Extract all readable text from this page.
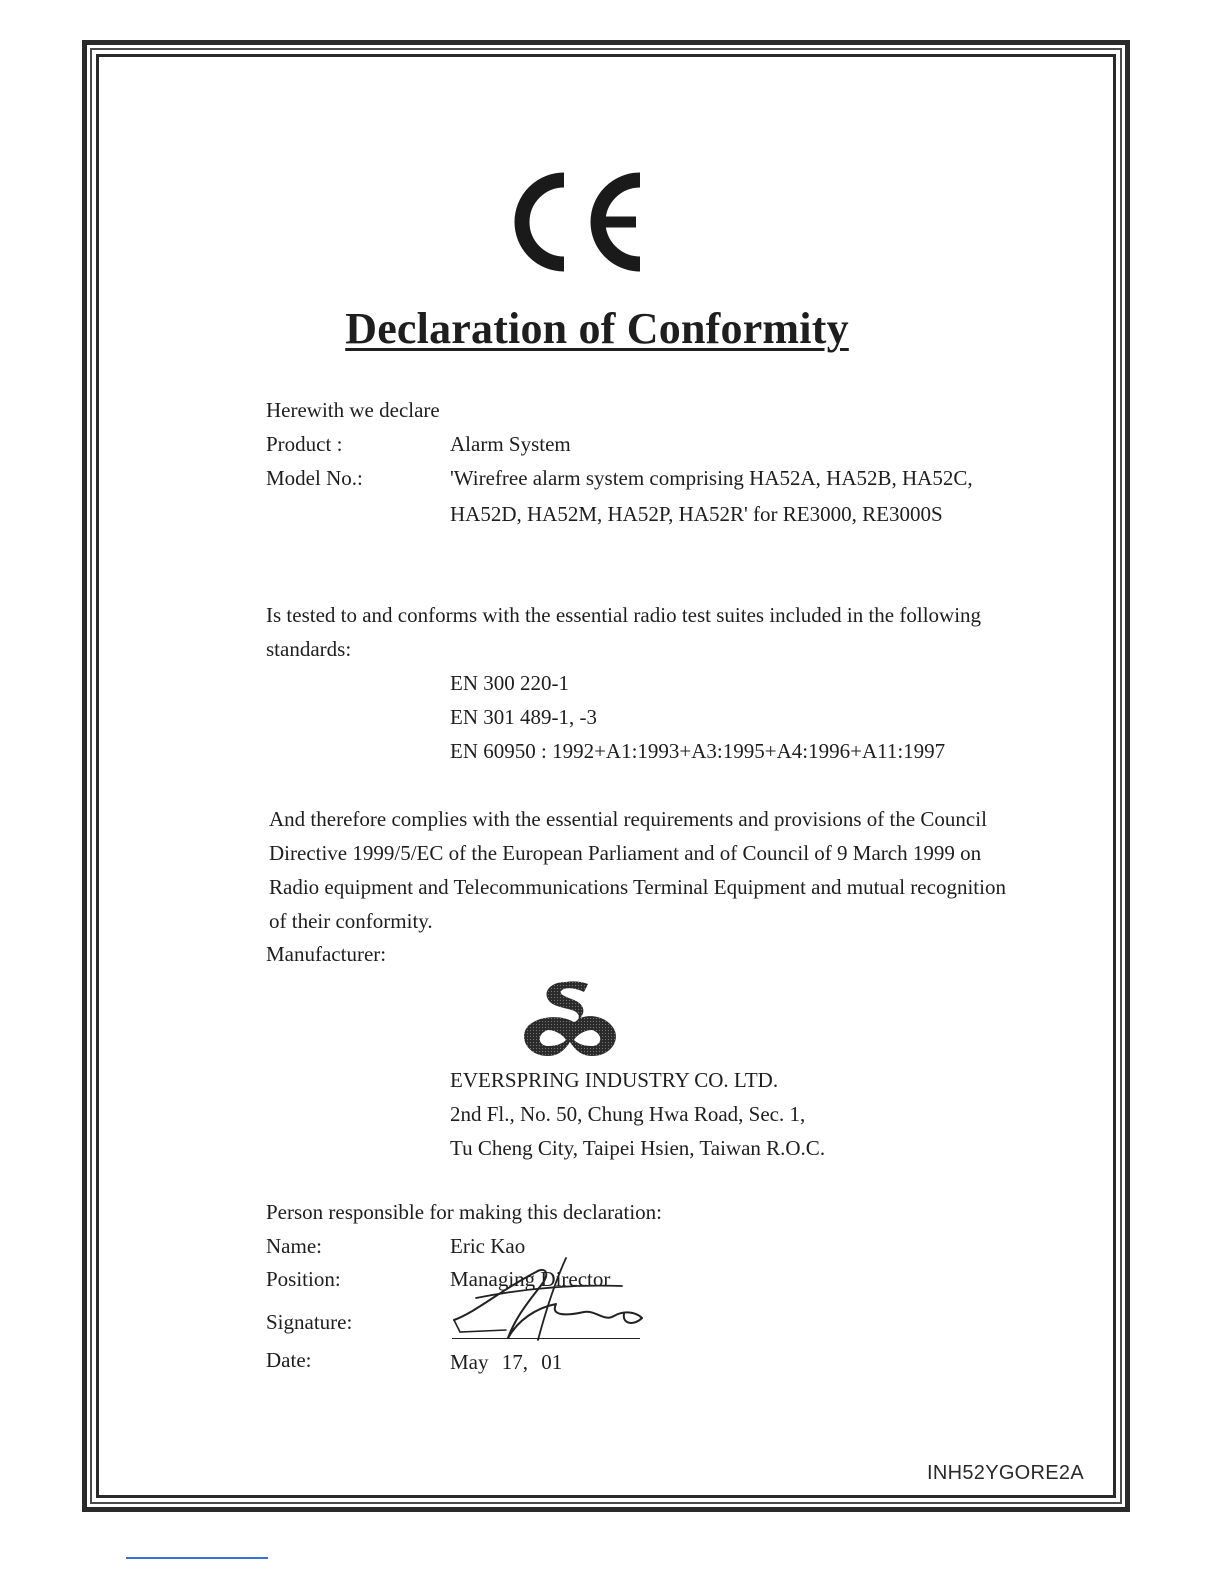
Declaration of Conformity
Herewith we declare
Product :	Alarm System
Model No.:	'Wirefree alarm system comprising HA52A, HA52B, HA52C,
HA52D, HA52M, HA52P, HA52R' for RE3000, RE3000S
Is tested to and conforms with the essential radio test suites included in the following standards:
EN 300 220-1
EN 301 489-1, -3
EN 60950 : 1992+A1:1993+A3:1995+A4:1996+A11:1997
And therefore complies with the essential requirements and provisions of the Council Directive 1999/5/EC of the European Parliament and of Council of 9 March 1999 on Radio equipment and Telecommunications Terminal Equipment and mutual recognition of their conformity.
Manufacturer:
EVERSPRING INDUSTRY CO. LTD.
2nd Fl., No. 50, Chung Hwa Road, Sec. 1,
Tu Cheng City, Taipei Hsien, Taiwan R.O.C.
Person responsible for making this declaration:
Name:	Eric Kao
Position:	Managing Director
Signature:
Date:	May 17, 01
INH52YGORE2A
